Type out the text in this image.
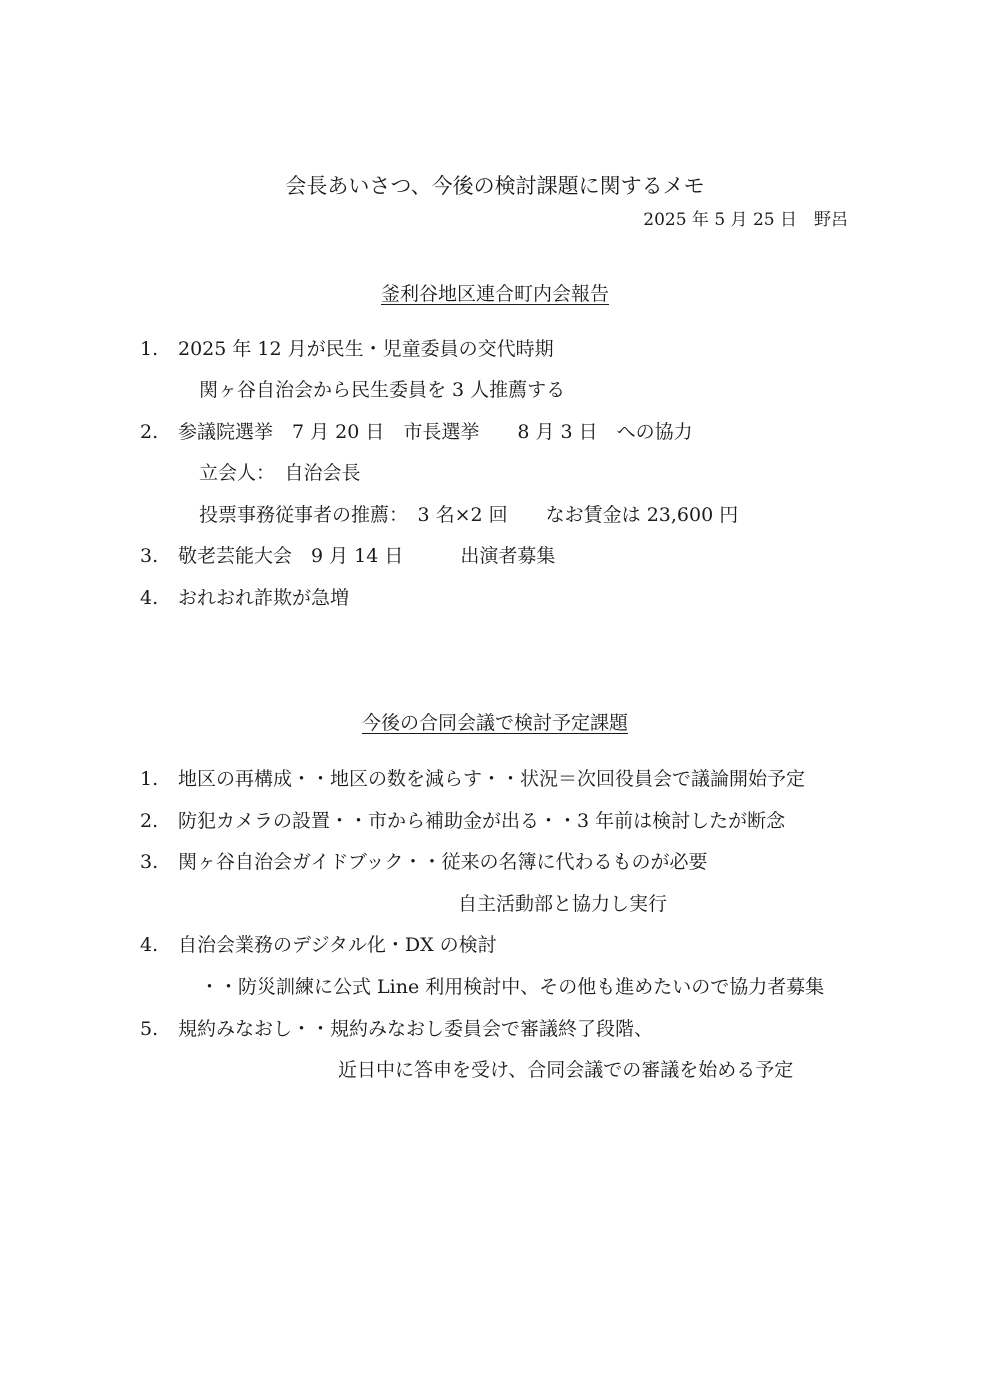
会長あいさつ、今後の検討課題に関するメモ
2025 年 5 月 25 日　野呂
釜利谷地区連合町内会報告
1. 2025 年 12 月が民生・児童委員の交代時期
関ヶ谷自治会から民生委員を 3 人推薦する
2. 参議院選挙　7 月 20 日　市長選挙　　8 月 3 日　への協力
立会人：　自治会長
投票事務従事者の推薦：　3 名×2 回　　なお賃金は 23,600 円
3. 敬老芸能大会　9 月 14 日　　　出演者募集
4. おれおれ詐欺が急増
今後の合同会議で検討予定課題
1. 地区の再構成・・地区の数を減らす・・状況＝次回役員会で議論開始予定
2. 防犯カメラの設置・・市から補助金が出る・・3 年前は検討したが断念
3. 関ヶ谷自治会ガイドブック・・従来の名簿に代わるものが必要
自主活動部と協力し実行
4. 自治会業務のデジタル化・DX の検討
・・防災訓練に公式 Line 利用検討中、その他も進めたいので協力者募集
5. 規約みなおし・・規約みなおし委員会で審議終了段階、
近日中に答申を受け、合同会議での審議を始める予定
